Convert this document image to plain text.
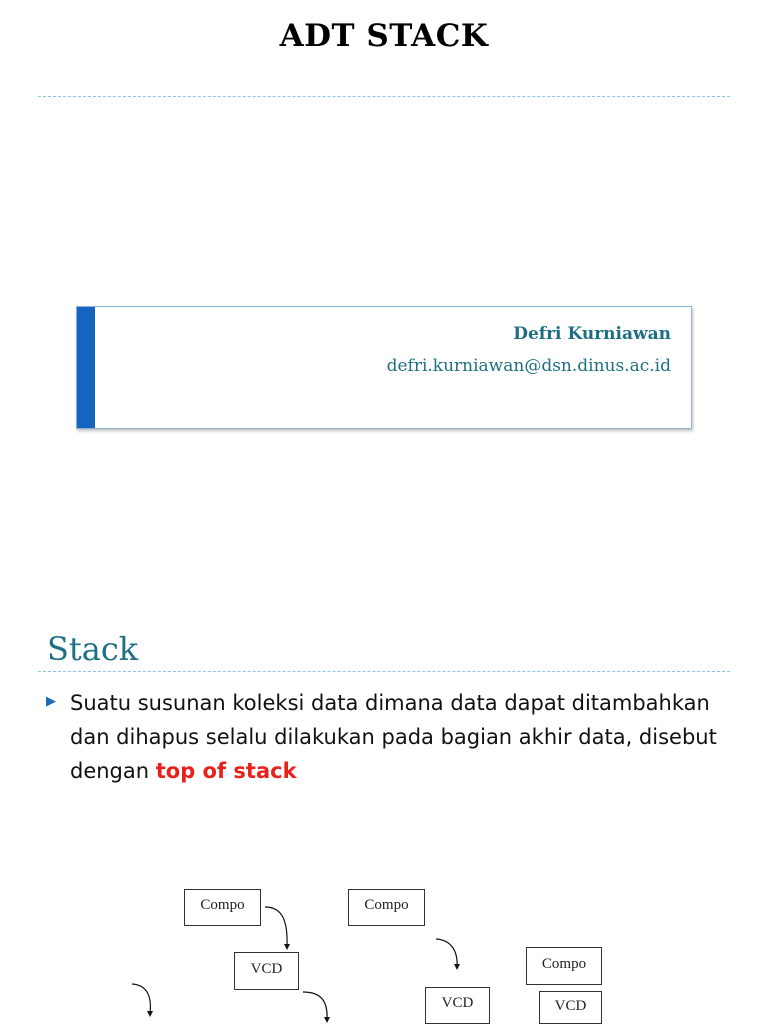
ADT STACK
Defri Kurniawan
defri.kurniawan@dsn.dinus.ac.id
Stack
▶ Suatu susunan koleksi data dimana data dapat ditambahkan dan dihapus selalu dilakukan pada bagian akhir data, disebut dengan top of stack
Compo
VCD
Compo
VCD
Compo
VCD
